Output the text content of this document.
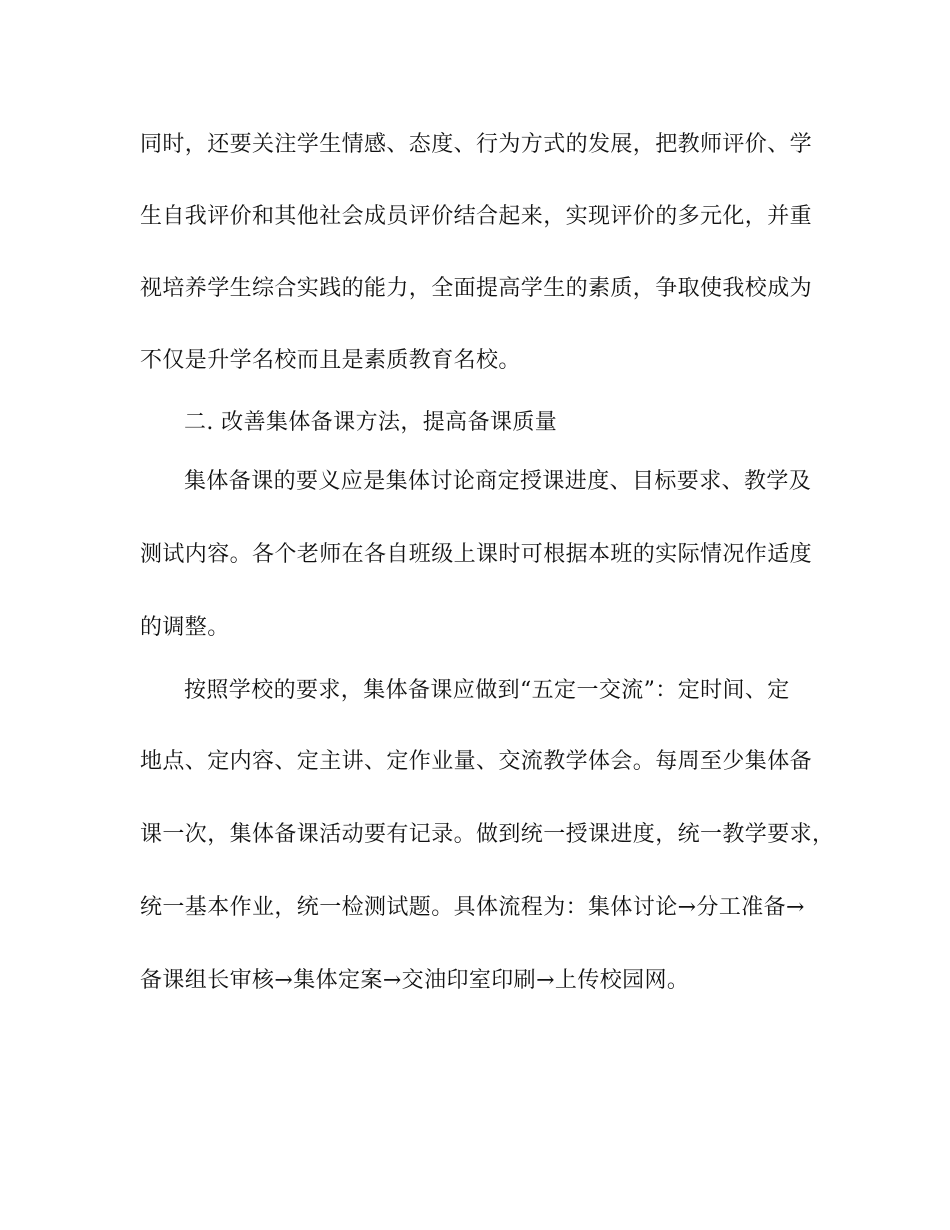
同时，还要关注学生情感、态度、行为方式的发展，把教师评价、学
生自我评价和其他社会成员评价结合起来，实现评价的多元化，并重
视培养学生综合实践的能力，全面提高学生的素质，争取使我校成为
不仅是升学名校而且是素质教育名校。
二. 改善集体备课方法，提高备课质量
集体备课的要义应是集体讨论商定授课进度、目标要求、教学及
测试内容。各个老师在各自班级上课时可根据本班的实际情况作适度
的调整。
按照学校的要求，集体备课应做到“五定一交流”：定时间、定
地点、定内容、定主讲、定作业量、交流教学体会。每周至少集体备
课一次，集体备课活动要有记录。做到统一授课进度，统一教学要求，
统一基本作业，统一检测试题。具体流程为：集体讨论→分工准备→
备课组长审核→集体定案→交油印室印刷→上传校园网。
